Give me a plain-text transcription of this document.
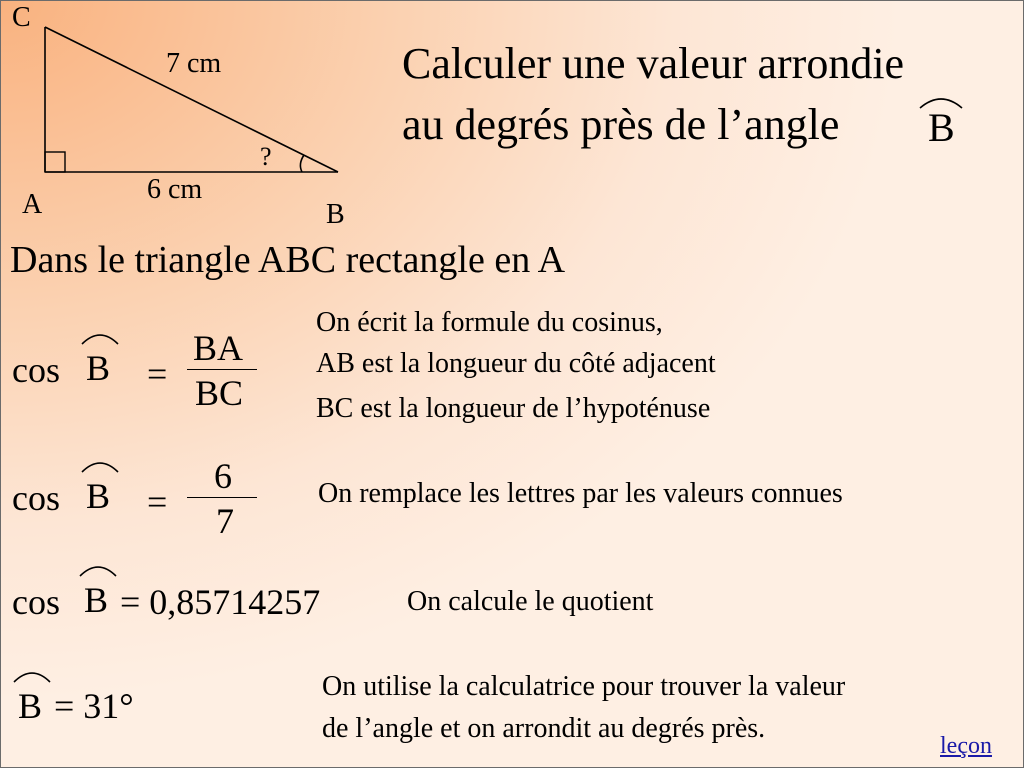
C
A	B
7 cm
6 cm
?
Calculer une valeur arrondie
au degrés près de l’angle B
Dans le triangle ABC rectangle en A
cos B =
BA
BC
On écrit la formule du cosinus,
AB est la longueur du côté adjacent
BC est la longueur de l’hypoténuse
cos B =
6
7
On remplace les lettres par les valeurs connues
cos B = 0,85714257	On calcule le quotient
B = 31°	On utilise la calculatrice pour trouver la valeur
de l’angle et on arrondit au degrés près.
leçon
